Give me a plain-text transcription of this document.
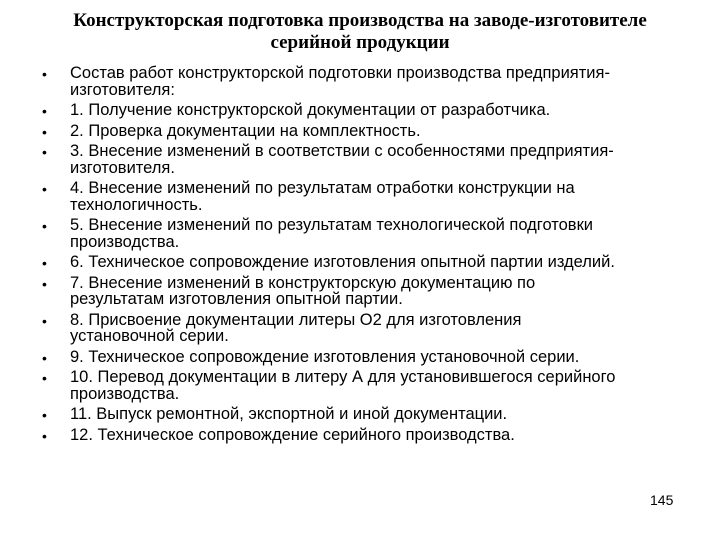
Конструкторская подготовка производства на заводе-изготовителе
серийной продукции
• Состав работ конструкторской подготовки производства предприятия-
изготовителя:
• 1. Получение конструкторской документации от разработчика.
• 2. Проверка документации на комплектность.
• 3. Внесение изменений в соответствии с особенностями предприятия-
изготовителя.
• 4. Внесение изменений по результатам отработки конструкции на
технологичность.
• 5. Внесение изменений по результатам технологической подготовки
производства.
• 6. Техническое сопровождение изготовления опытной партии изделий.
• 7. Внесение изменений в конструкторскую документацию по
результатам изготовления опытной партии.
• 8. Присвоение документации литеры О2 для изготовления
установочной серии.
• 9. Техническое сопровождение изготовления установочной серии.
• 10. Перевод документации в литеру А для установившегося серийного
производства.
• 11. Выпуск ремонтной, экспортной и иной документации.
• 12. Техническое сопровождение серийного производства.
145
